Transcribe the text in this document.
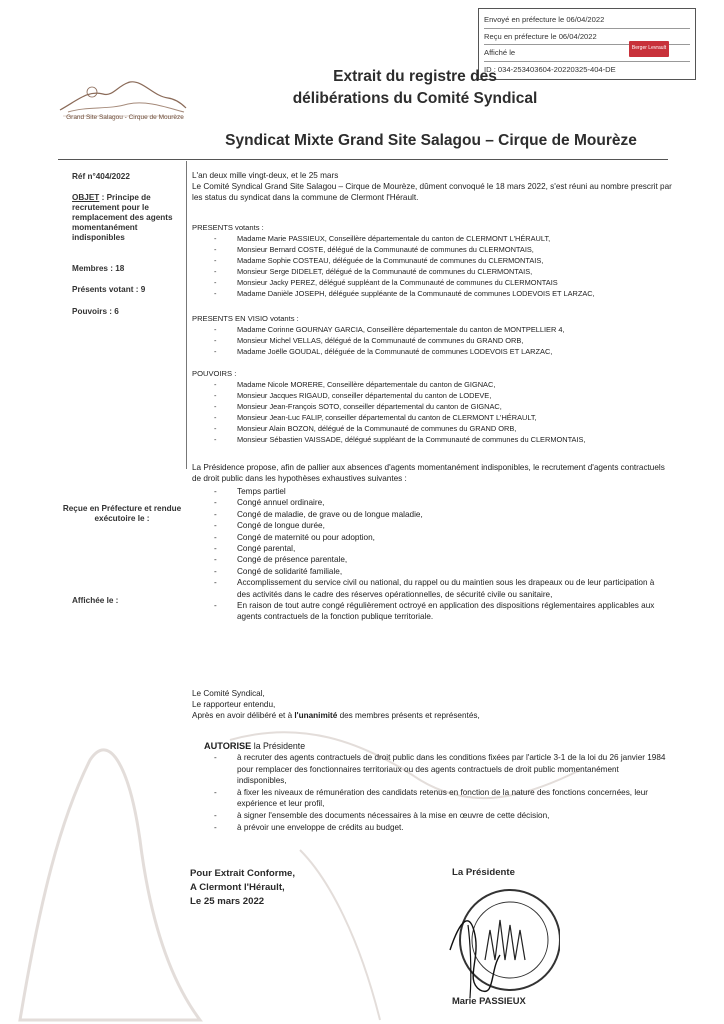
Envoyé en préfecture le 06/04/2022
Reçu en préfecture le 06/04/2022
Affiché le
ID : 034-253403604-20220325-404-DE
Berger Levrault
Grand Site Salagou - Cirque de Mourèze
Extrait du registre des
délibérations du Comité Syndical
Syndicat Mixte Grand Site Salagou – Cirque de Mourèze
Réf n°404/2022
OBJET : Principe de recrutement pour le remplacement des agents momentanément indisponibles
Membres : 18
Présents votant : 9
Pouvoirs : 6
Reçue en Préfecture et rendue exécutoire le :
Affichée le :

L'an deux mille vingt-deux, et le 25 mars

Le Comité Syndical Grand Site Salagou – Cirque de Mourèze, dûment convoqué le 18 mars 2022, s'est réuni au nombre prescrit par les status du syndicat dans la commune de Clermont l'Hérault.

PRESENTS votants :

- Madame Marie PASSIEUX, Conseillère départementale du canton de CLERMONT L'HÉRAULT,
- Monsieur Bernard COSTE, délégué de la Communauté de communes du CLERMONTAIS,
- Madame Sophie COSTEAU, déléguée de la Communauté de communes du CLERMONTAIS,
- Monsieur Serge DIDELET, délégué de la Communauté de communes du CLERMONTAIS,
- Monsieur Jacky PEREZ, délégué suppléant de la Communauté de communes du CLERMONTAIS
- Madame Danièle JOSEPH, déléguée suppléante de la Communauté de communes LODEVOIS ET LARZAC,

PRESENTS EN VISIO votants :

- Madame Corinne GOURNAY GARCIA, Conseillère départementale du canton de MONTPELLIER 4,
- Monsieur Michel VELLAS, délégué de la Communauté de communes du GRAND ORB,
- Madame Joëlle GOUDAL, déléguée de la Communauté de communes LODEVOIS ET LARZAC,

POUVOIRS :

- Madame Nicole MORERE, Conseillère départementale du canton de GIGNAC,
- Monsieur Jacques RIGAUD, conseiller départemental du canton de LODEVE,
- Monsieur Jean-François SOTO, conseiller départemental du canton de GIGNAC,
- Monsieur Jean-Luc FALIP, conseiller départemental du canton de CLERMONT L'HÉRAULT,
- Monsieur Alain BOZON, délégué de la Communauté de communes du GRAND ORB,
- Monsieur Sébastien VAISSADE, délégué suppléant de la Communauté de communes du CLERMONTAIS,
La Présidence propose, afin de pallier aux absences d'agents momentanément indisponibles, le recrutement d'agents contractuels de droit public dans les hypothèses exhaustives suivantes :
- Temps partiel
- Congé annuel ordinaire,
- Congé de maladie, de grave ou de longue maladie,
- Congé de longue durée,
- Congé de maternité ou pour adoption,
- Congé parental,
- Congé de présence parentale,
- Congé de solidarité familiale,
- Accomplissement du service civil ou national, du rappel ou du maintien sous les drapeaux ou de leur participation à des activités dans le cadre des réserves opérationnelles, de sécurité civile ou sanitaire,
- En raison de tout autre congé régulièrement octroyé en application des dispositions réglementaires applicables aux agents contractuels de la fonction publique territoriale.

Le Comité Syndical,

Le rapporteur entendu,

Après en avoir délibéré et à l'unanimité des membres présents et représentés,

AUTORISE la Présidente

- à recruter des agents contractuels de droit public dans les conditions fixées par l'article 3-1 de la loi du 26 janvier 1984 pour remplacer des fonctionnaires territoriaux ou des agents contractuels de droit public momentanément indisponibles,
- à fixer les niveaux de rémunération des candidats retenus en fonction de la nature des fonctions concernées, leur expérience et leur profil,
- à signer l'ensemble des documents nécessaires à la mise en œuvre de cette décision,
- à prévoir une enveloppe de crédits au budget.
Pour Extrait Conforme,
A Clermont l'Hérault,
Le 25 mars 2022
La Présidente
Marie PASSIEUX
